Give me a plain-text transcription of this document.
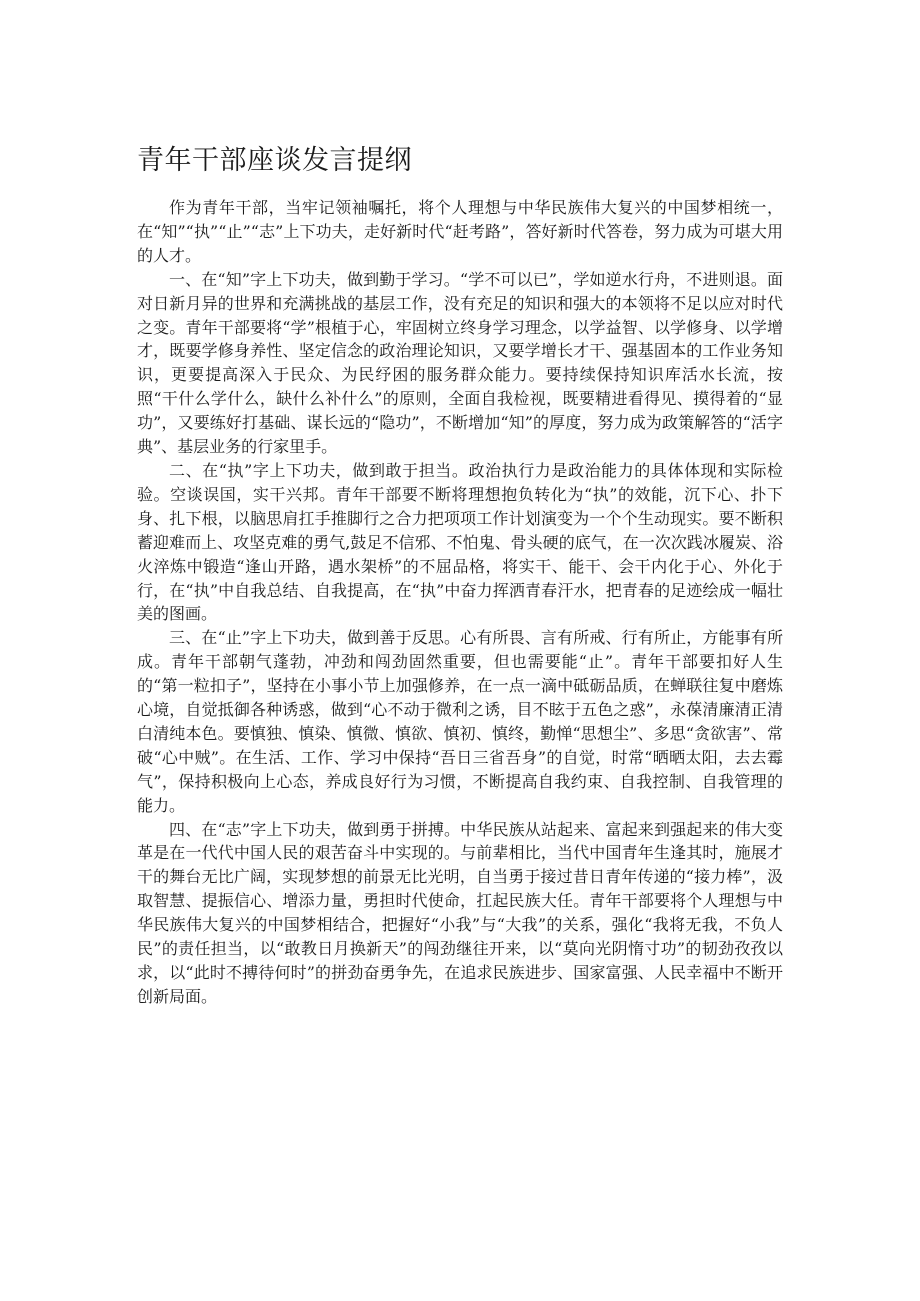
青年干部座谈发言提纲

作为青年干部，当牢记领袖嘱托，将个人理想与中华民族伟大复兴的中国梦相统一，在“知”“执”“止”“志”上下功夫，走好新时代“赶考路”，答好新时代答卷，努力成为可堪大用的人才。

一、在“知”字上下功夫，做到勤于学习。“学不可以已”，学如逆水行舟，不进则退。面对日新月异的世界和充满挑战的基层工作，没有充足的知识和强大的本领将不足以应对时代之变。青年干部要将“学”根植于心，牢固树立终身学习理念，以学益智、以学修身、以学增才，既要学修身养性、坚定信念的政治理论知识，又要学增长才干、强基固本的工作业务知识，更要提高深入于民众、为民纾困的服务群众能力。要持续保持知识库活水长流，按照“干什么学什么，缺什么补什么”的原则，全面自我检视，既要精进看得见、摸得着的“显功”，又要练好打基础、谋长远的“隐功”，不断增加“知”的厚度，努力成为政策解答的“活字典”、基层业务的行家里手。

二、在“执”字上下功夫，做到敢于担当。政治执行力是政治能力的具体体现和实际检验。空谈误国，实干兴邦。青年干部要不断将理想抱负转化为“执”的效能，沉下心、扑下身、扎下根，以脑思肩扛手推脚行之合力把项项工作计划演变为一个个生动现实。要不断积蓄迎难而上、攻坚克难的勇气,鼓足不信邪、不怕鬼、骨头硬的底气，在一次次践冰履炭、浴火淬炼中锻造“逢山开路，遇水架桥”的不屈品格，将实干、能干、会干内化于心、外化于行，在“执”中自我总结、自我提高，在“执”中奋力挥洒青春汗水，把青春的足迹绘成一幅壮美的图画。

三、在“止”字上下功夫，做到善于反思。心有所畏、言有所戒、行有所止，方能事有所成。青年干部朝气蓬勃，冲劲和闯劲固然重要，但也需要能“止”。青年干部要扣好人生的“第一粒扣子”，坚持在小事小节上加强修养，在一点一滴中砥砺品质，在蝉联往复中磨炼心境，自觉抵御各种诱惑，做到“心不动于微利之诱，目不眩于五色之惑”，永葆清廉清正清白清纯本色。要慎独、慎染、慎微、慎欲、慎初、慎终，勤惮“思想尘”、多思“贪欲害”、常破“心中贼”。在生活、工作、学习中保持“吾日三省吾身”的自觉，时常“晒晒太阳，去去霉气”，保持积极向上心态，养成良好行为习惯，不断提高自我约束、自我控制、自我管理的能力。

四、在“志”字上下功夫，做到勇于拼搏。中华民族从站起来、富起来到强起来的伟大变革是在一代代中国人民的艰苦奋斗中实现的。与前辈相比，当代中国青年生逢其时，施展才干的舞台无比广阔，实现梦想的前景无比光明，自当勇于接过昔日青年传递的“接力棒”，汲取智慧、提振信心、增添力量，勇担时代使命，扛起民族大任。青年干部要将个人理想与中华民族伟大复兴的中国梦相结合，把握好“小我”与“大我”的关系，强化“我将无我，不负人民”的责任担当，以“敢教日月换新天”的闯劲继往开来，以“莫向光阴惰寸功”的韧劲孜孜以求，以“此时不搏待何时”的拼劲奋勇争先，在追求民族进步、国家富强、人民幸福中不断开创新局面。
